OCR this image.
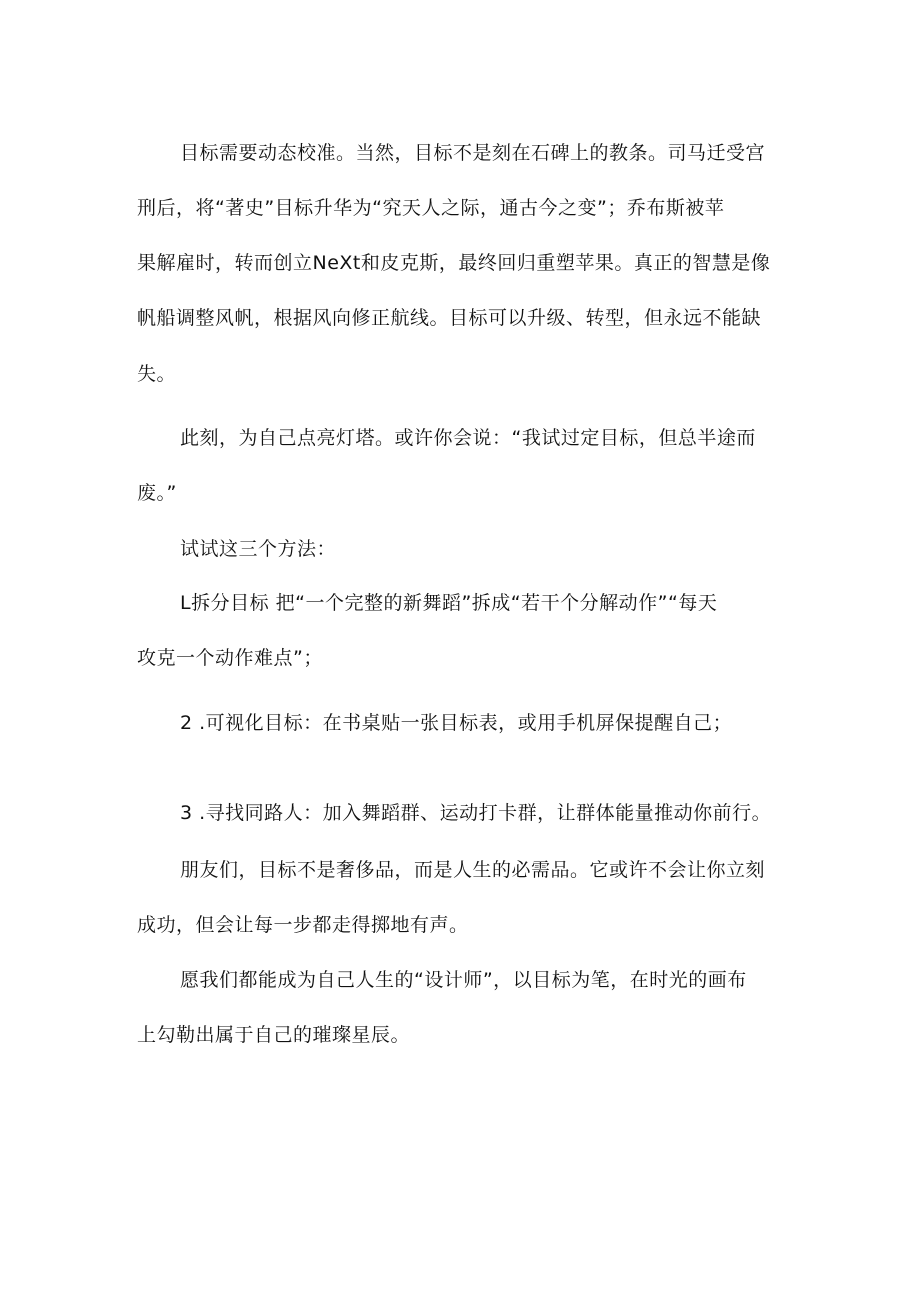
目标需要动态校准。当然，目标不是刻在石碑上的教条。司马迁受宫
刑后，将“著史”目标升华为“究天人之际，通古今之变”；乔布斯被苹
果解雇时，转而创立NeXt和皮克斯，最终回归重塑苹果。真正的智慧是像
帆船调整风帆，根据风向修正航线。目标可以升级、转型，但永远不能缺
失。
此刻，为自己点亮灯塔。或许你会说：“我试过定目标，但总半途而
废。”
试试这三个方法：
L拆分目标 把“一个完整的新舞蹈”拆成“若干个分解动作”“每天
攻克一个动作难点”；
2 .可视化目标：在书桌贴一张目标表，或用手机屏保提醒自己；
3 .寻找同路人：加入舞蹈群、运动打卡群，让群体能量推动你前行。
朋友们，目标不是奢侈品，而是人生的必需品。它或许不会让你立刻
成功，但会让每一步都走得掷地有声。
愿我们都能成为自己人生的“设计师”，以目标为笔，在时光的画布
上勾勒出属于自己的璀璨星辰。
